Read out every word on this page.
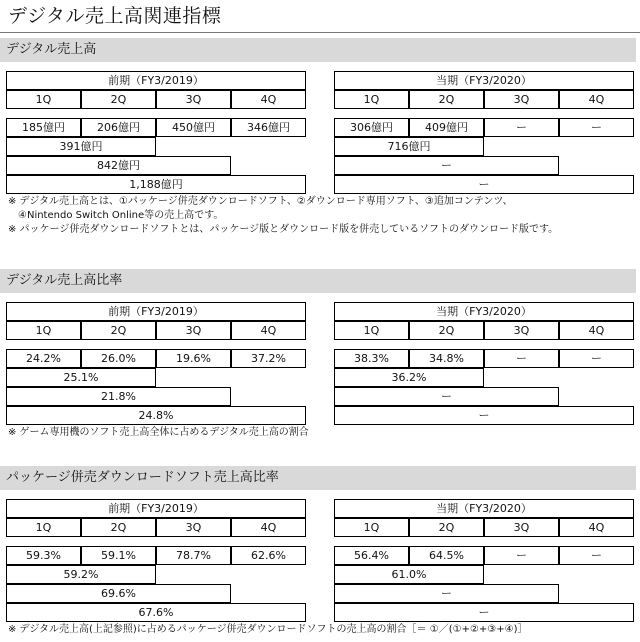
デジタル売上高関連指標
デジタル売上高
前期（FY3/2019）
1Q	2Q	3Q	4Q
185億円	206億円	450億円	346億円
391億円
842億円
1,188億円
当期（FY3/2020）
1Q	2Q	3Q	4Q
306億円	409億円	ー	ー
716億円
ー
ー
※ デジタル売上高とは、①パッケージ併売ダウンロードソフト、②ダウンロード専用ソフト、③追加コンテンツ、
　④Nintendo Switch Online等の売上高です。
※ パッケージ併売ダウンロードソフトとは、パッケージ版とダウンロード版を併売しているソフトのダウンロード版です。
デジタル売上高比率
前期（FY3/2019）
1Q	2Q	3Q	4Q
24.2%	26.0%	19.6%	37.2%
25.1%
21.8%
24.8%
当期（FY3/2020）
1Q	2Q	3Q	4Q
38.3%	34.8%	ー	ー
36.2%
ー
ー
※ ゲーム専用機のソフト売上高全体に占めるデジタル売上高の割合
パッケージ併売ダウンロードソフト売上高比率
前期（FY3/2019）
1Q	2Q	3Q	4Q
59.3%	59.1%	78.7%	62.6%
59.2%
69.6%
67.6%
当期（FY3/2020）
1Q	2Q	3Q	4Q
56.4%	64.5%	ー	ー
61.0%
ー
ー
※ デジタル売上高(上記参照)に占めるパッケージ併売ダウンロードソフトの売上高の割合［＝ ①／(①+②+③+④)］
